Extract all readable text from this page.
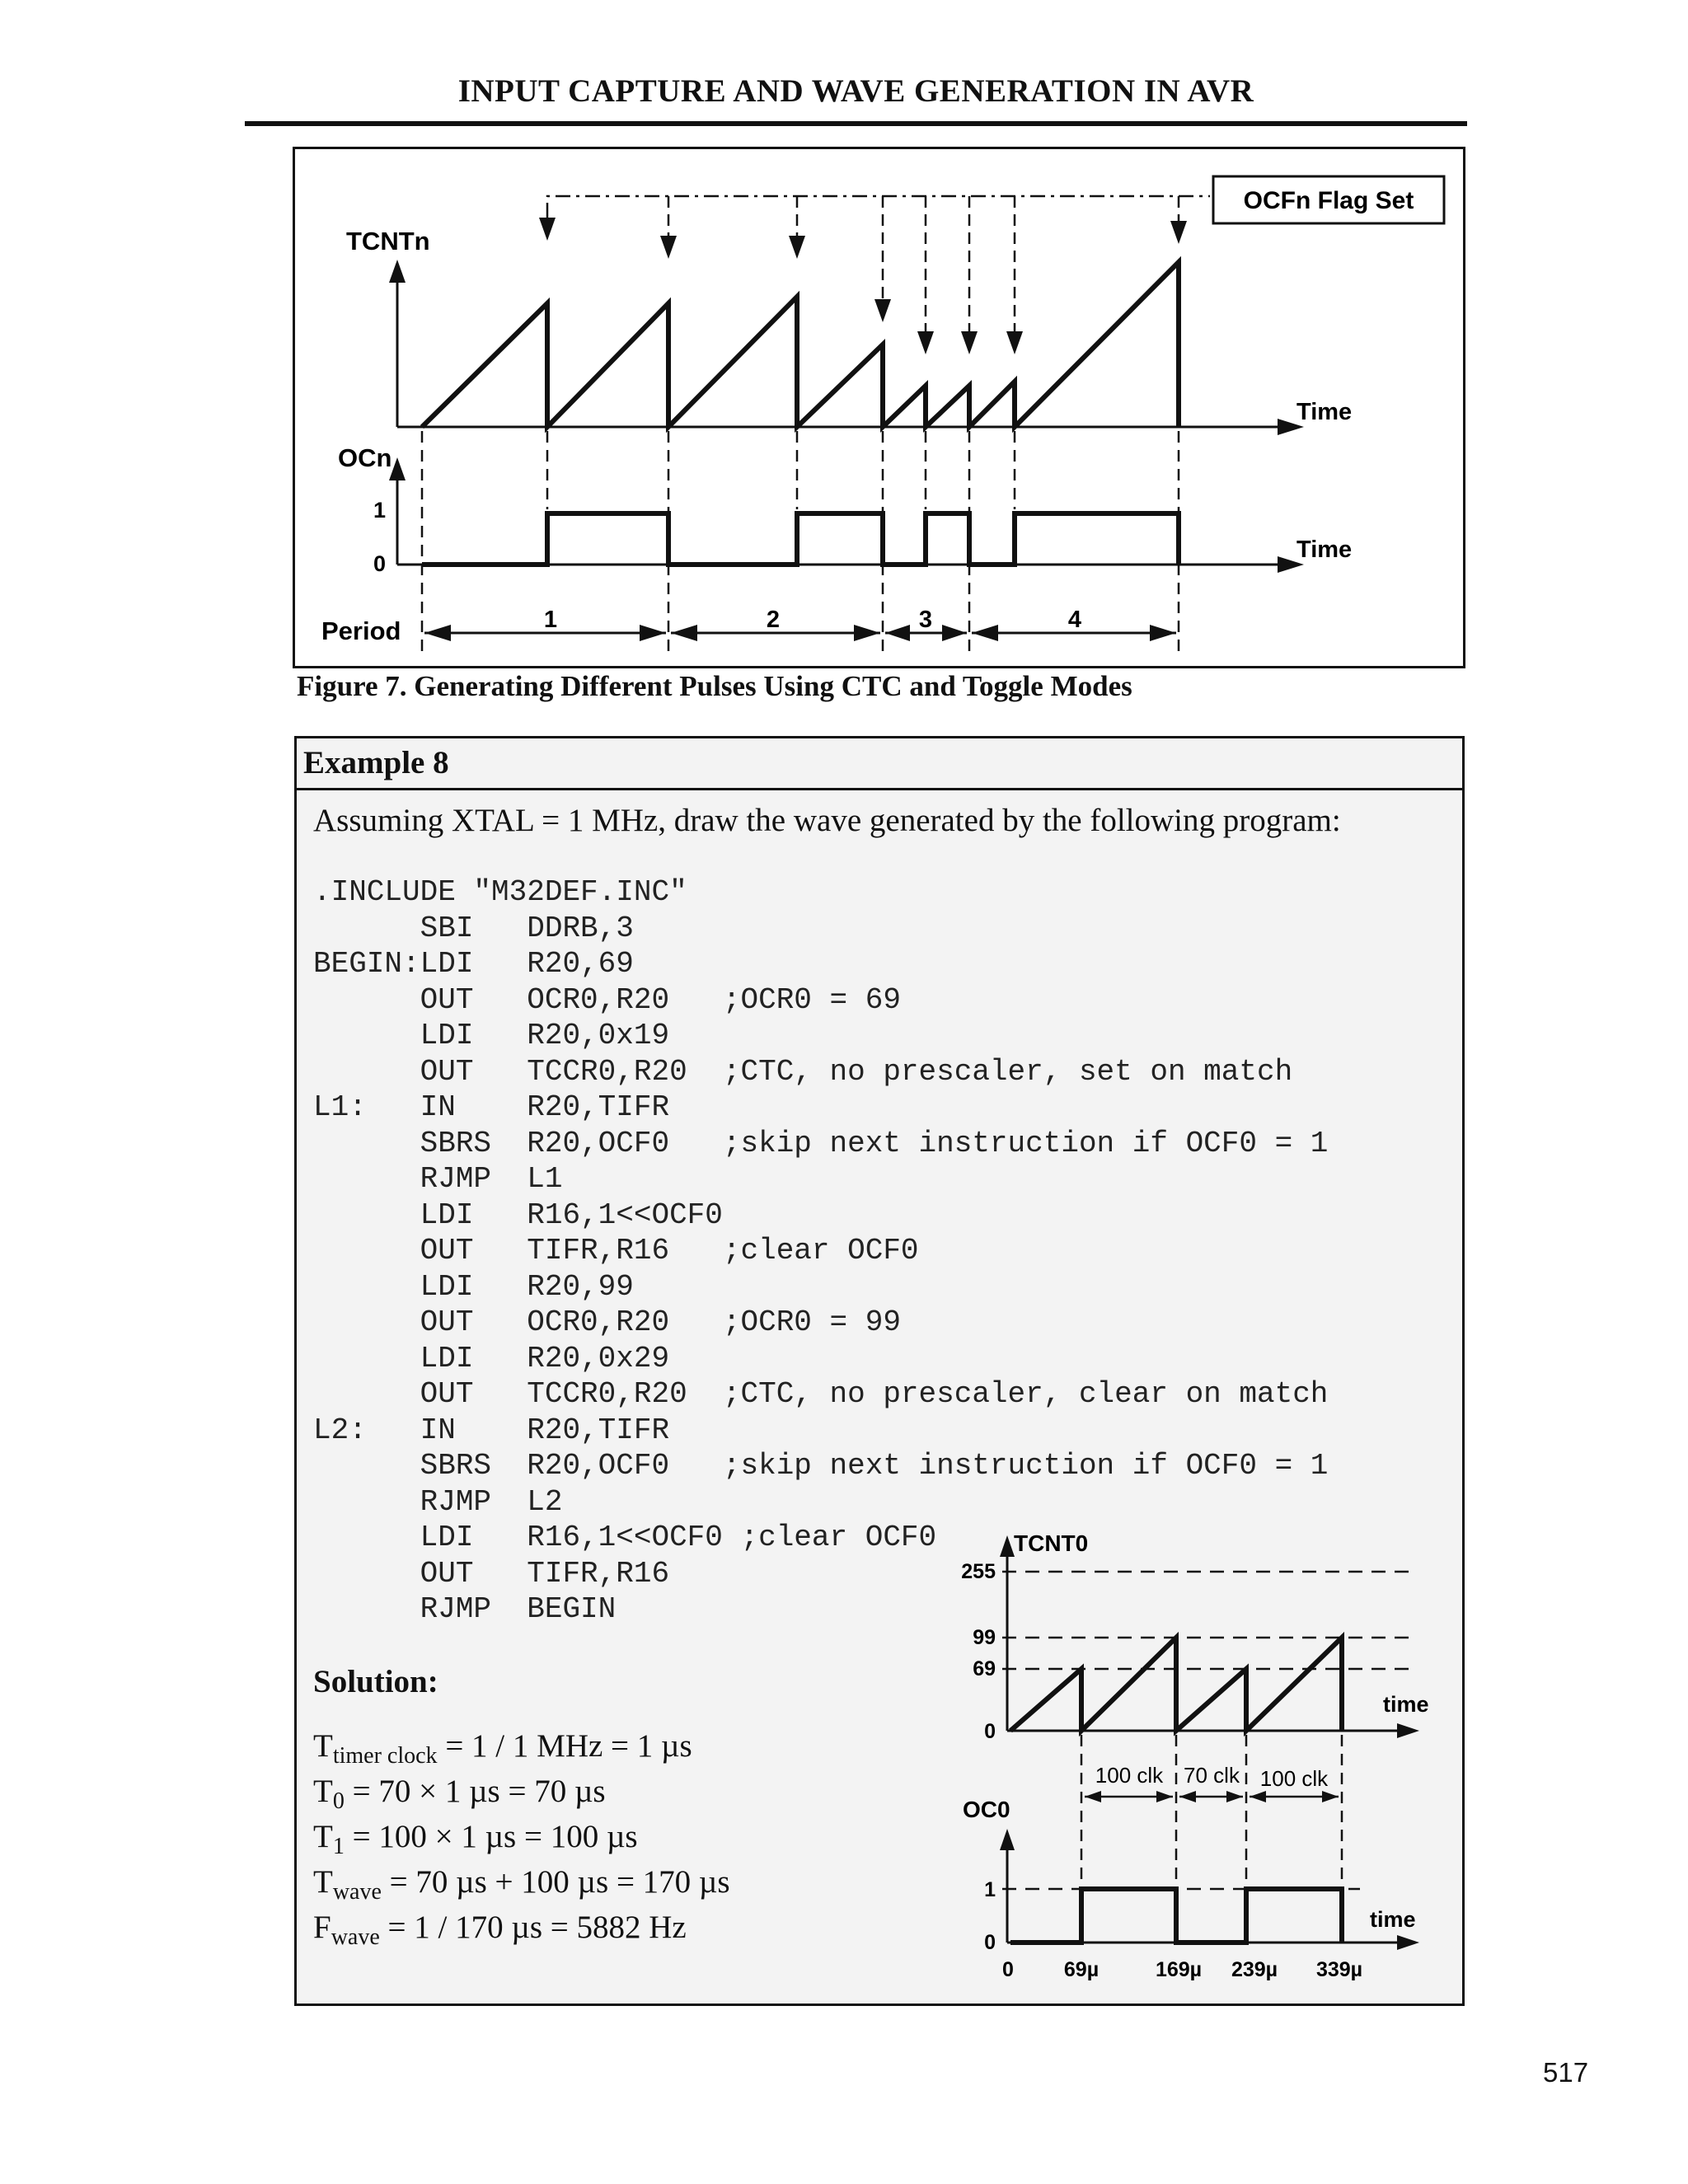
INPUT CAPTURE AND WAVE GENERATION IN AVR
OCFn Flag Set
TCNTn
Time
OCn
1
0
Time
Period	1	2	3	4
Figure 7. Generating Different Pulses Using CTC and Toggle Modes
Example 8
Assuming XTAL = 1 MHz, draw the wave generated by the following program:
.INCLUDE "M32DEF.INC"
SBI   DDRB,3
BEGIN:LDI   R20,69
OUT   OCR0,R20   ;OCR0 = 69
LDI   R20,0x19
OUT   TCCR0,R20  ;CTC, no prescaler, set on match
L1:   IN    R20,TIFR
SBRS  R20,OCF0   ;skip next instruction if OCF0 = 1
RJMP  L1
LDI   R16,1<<OCF0
OUT   TIFR,R16   ;clear OCF0
LDI   R20,99
OUT   OCR0,R20   ;OCR0 = 99
LDI   R20,0x29
OUT   TCCR0,R20  ;CTC, no prescaler, clear on match
L2:   IN    R20,TIFR
SBRS  R20,OCF0   ;skip next instruction if OCF0 = 1
RJMP  L2
LDI   R16,1<<OCF0 ;clear OCF0
OUT   TIFR,R16
RJMP  BEGIN
Solution:
$T_{timer clock} = 1 / 1$ MHz = 1 µs
$T_0 = 70 \times 1$ µs = 70 µs
$T_1 = 100 \times 1$ µs = 100 µs
$T_{wave} = 70$ µs + 100 µs = 170 µs
$F_{wave} = 1 / 170$ µs = 5882 Hz
TCNT0
time
255
99
69
0
100 clk 70 clk 100 clk
OC0
1
0
time
0 69µ	169µ 239µ 339µ
517
